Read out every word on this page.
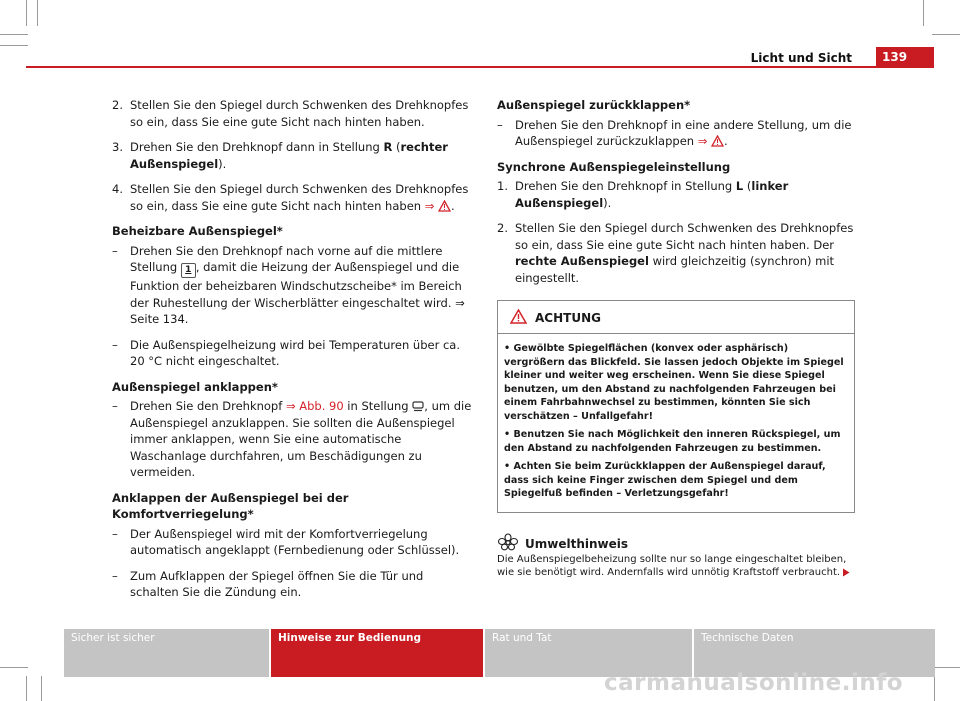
Licht und Sicht	139
2. Stellen Sie den Spiegel durch Schwenken des Drehknopfes so ein, dass Sie eine gute Sicht nach hinten haben.
3. Drehen Sie den Drehknopf dann in Stellung R (rechter Außenspiegel).
4. Stellen Sie den Spiegel durch Schwenken des Drehknopfes so ein, dass Sie eine gute Sicht nach hinten haben ⇒ .
Beheizbare Außenspiegel*
– Drehen Sie den Drehknopf nach vorne auf die mittlere Stellung 1 , damit die Heizung der Außenspiegel und die Funktion der beheizbaren Windschutzscheibe* im Bereich der Ruhestellung der Wischerblätter eingeschaltet wird. ⇒ Seite 134.
– Die Außenspiegelheizung wird bei Temperaturen über ca. 20 °C nicht eingeschaltet.
Außenspiegel anklappen*
– Drehen Sie den Drehknopf ⇒ Abb. 90 in Stellung , um die Außenspiegel anzuklappen. Sie sollten die Außenspiegel immer anklappen, wenn Sie eine automatische Waschanlage durchfahren, um Beschädigungen zu vermeiden.
Anklappen der Außenspiegel bei der Komfortverriegelung*
– Der Außenspiegel wird mit der Komfortverriegelung automatisch angeklappt (Fernbedienung oder Schlüssel).
– Zum Aufklappen der Spiegel öffnen Sie die Tür und schalten Sie die Zündung ein.
Außenspiegel zurückklappen*
– Drehen Sie den Drehknopf in eine andere Stellung, um die Außenspiegel zurückzuklappen ⇒ .
Synchrone Außenspiegeleinstellung
1. Drehen Sie den Drehknopf in Stellung L (linker Außenspiegel).
2. Stellen Sie den Spiegel durch Schwenken des Drehknopfes so ein, dass Sie eine gute Sicht nach hinten haben. Der rechte Außenspiegel wird gleichzeitig (synchron) mit eingestellt.
ACHTUNG

• Gewölbte Spiegelflächen (konvex oder asphärisch) vergrößern das Blickfeld. Sie lassen jedoch Objekte im Spiegel kleiner und weiter weg erscheinen. Wenn Sie diese Spiegel benutzen, um den Abstand zu nachfolgenden Fahrzeugen bei einem Fahrbahnwechsel zu bestimmen, könnten Sie sich verschätzen – Unfallgefahr!

• Benutzen Sie nach Möglichkeit den inneren Rückspiegel, um den Abstand zu nachfolgenden Fahrzeugen zu bestimmen.

• Achten Sie beim Zurückklappen der Außenspiegel darauf, dass sich keine Finger zwischen dem Spiegel und dem Spiegelfuß befinden – Verletzungsgefahr!

Umwelthinweis
Die Außenspiegelbeheizung sollte nur so lange eingeschaltet bleiben, wie sie benötigt wird. Andernfalls wird unnötig Kraftstoff verbraucht.
Sicher ist sicher	Hinweise zur Bedienung	Rat und Tat	Technische Daten
carmanualsonline.info
